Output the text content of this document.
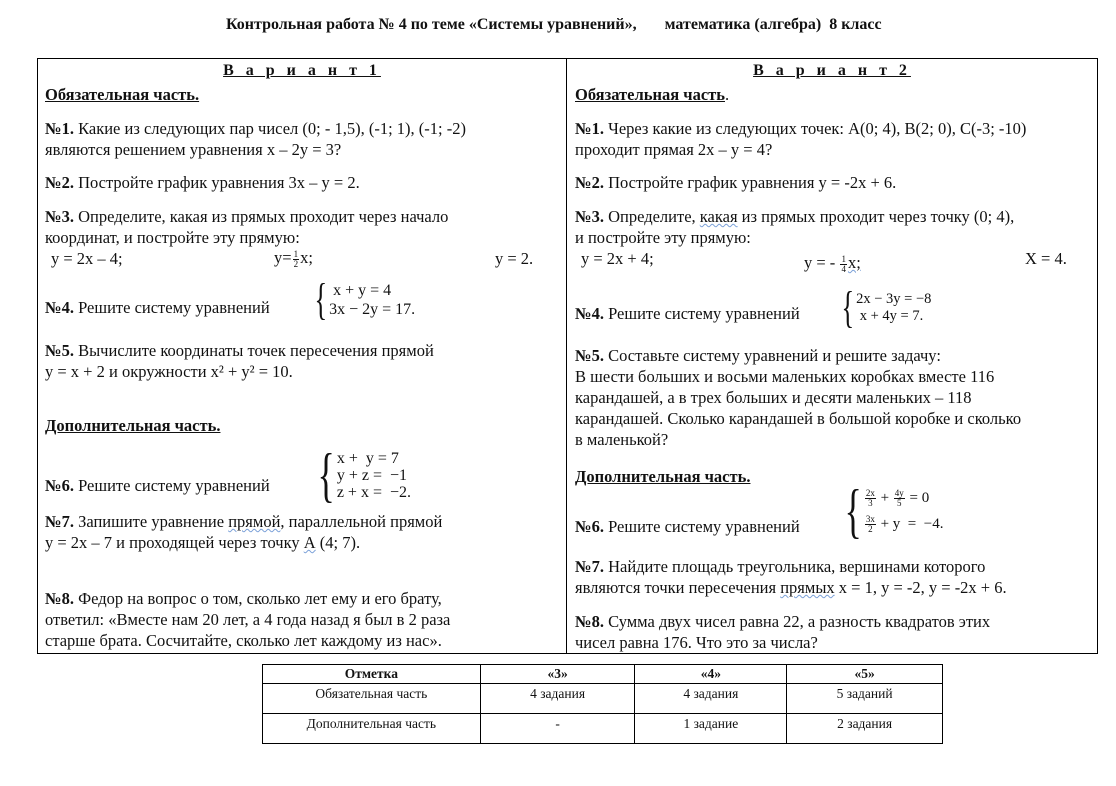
Контрольная работа № 4 по теме «Системы уравнений»,       математика (алгебра)  8 класс
В а р и а н т 1
Обязательная часть.
№1. Какие из следующих пар чисел (0; - 1,5), (-1; 1), (-1; -2)
являются решением уравнения x – 2y = 3?
№2. Постройте график уравнения 3x – y = 2.
№3. Определите, какая из прямых проходит через начало
координат, и постройте эту прямую:
y = 2x – 4;	$y= \frac{1}{2} x$;	y = 2.
№4. Решите систему уравнений { x + y = 4
3x − 2y = 17.
№5. Вычислите координаты точек пересечения прямой
y = x + 2 и окружности x² + y² = 10.
Дополнительная часть.
№6. Решите систему уравнений { x +  y = 7
y + z =  −1
z + x =  −2.
№7. Запишите уравнение прямой, параллельной прямой
y = 2x – 7 и проходящей через точку А (4; 7).
№8. Федор на вопрос о том, сколько лет ему и его брату,
ответил: «Вместе нам 20 лет, а 4 года назад я был в 2 раза
старше брата. Сосчитайте, сколько лет каждому из нас».
В а р и а н т 2
Обязательная часть.
№1. Через какие из следующих точек: А(0; 4), В(2; 0), С(-3; -10)
проходит прямая 2x – y = 4?
№2. Постройте график уравнения y = -2x + 6.
№3. Определите, какая из прямых проходит через точку (0; 4),
и постройте эту прямую:
y = 2x + 4;	y = - $\frac{1}{4} x$;	X = 4.
№4. Решите систему уравнений { 2x − 3y = −8
x + 4y = 7.
№5. Составьте систему уравнений и решите задачу:
В шести больших и восьми маленьких коробках вместе 116
карандашей, а в трех больших и десяти маленьких – 118
карандашей. Сколько карандашей в большой коробке и сколько
в маленькой?
Дополнительная часть.
№6. Решите систему уравнений { $\frac{2x}{3} + \frac{4y}{5} = 0$
$\frac{3x}{2} + y = -4$.
№7. Найдите площадь треугольника, вершинами которого
являются точки пересечения прямых x = 1, y = -2, y = -2x + 6.
№8. Сумма двух чисел равна 22, а разность квадратов этих
чисел равна 176. Что это за числа?
Отметка	«3»	«4»	«5»
Обязательная часть	4 задания	4 задания	5 заданий
Дополнительная часть	-	1 задание	2 задания
